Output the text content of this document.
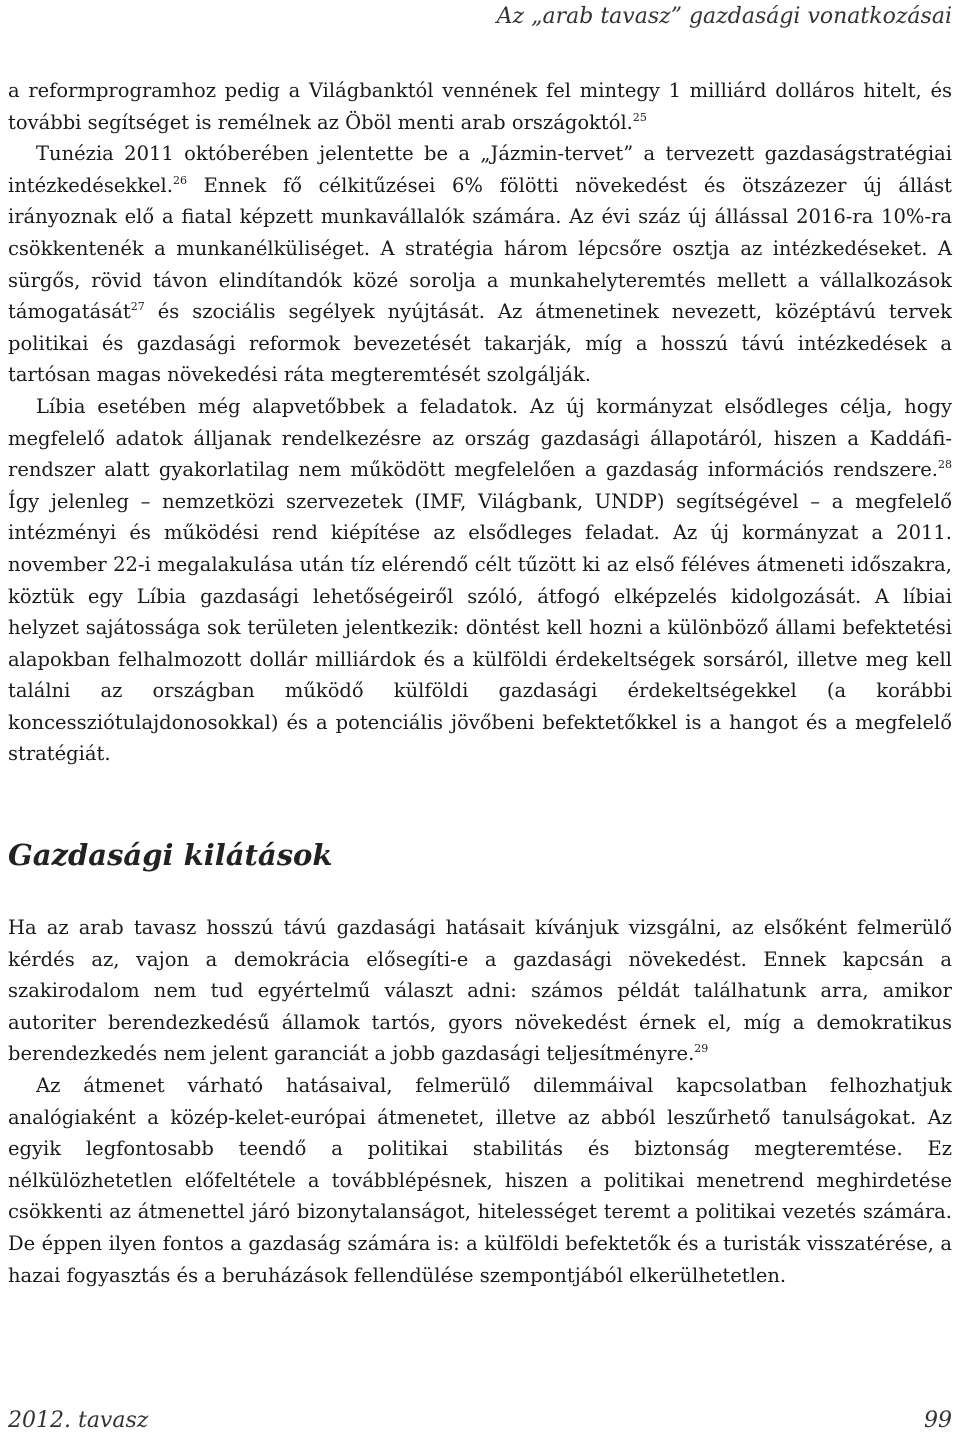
Az „arab tavasz” gazdasági vonatkozásai

a reformprogramhoz pedig a Világbanktól vennének fel mintegy 1 milliárd dolláros hitelt, és további segítséget is remélnek az Öböl menti arab országoktól.$^{25}$

Tunézia 2011 októberében jelentette be a „Jázmin-tervet” a tervezett gazdaságstratégiai intézkedésekkel.$^{26}$ Ennek fő célkitűzései 6% fölötti növekedést és ötszázezer új állást irányoznak elő a fiatal képzett munkavállalók számára. Az évi száz új állással 2016-ra 10%-ra csökkentenék a munkanélküliséget. A stratégia három lépcsőre osztja az intézkedéseket. A sürgős, rövid távon elindítandók közé sorolja a munkahelyteremtés mellett a vállalkozások támogatását$^{27}$ és szociális segélyek nyújtását. Az átmenetinek nevezett, középtávú tervek politikai és gazdasági reformok bevezetését takarják, míg a hosszú távú intézkedések a tartósan magas növekedési ráta megteremtését szolgálják.

Líbia esetében még alapvetőbbek a feladatok. Az új kormányzat elsődleges célja, hogy megfelelő adatok álljanak rendelkezésre az ország gazdasági állapotáról, hiszen a Kaddáfi-rendszer alatt gyakorlatilag nem működött megfelelően a gazdaság információs rendszere.$^{28}$ Így jelenleg – nemzetközi szervezetek (IMF, Világbank, UNDP) segítségével – a megfelelő intézményi és működési rend kiépítése az elsődleges feladat. Az új kormányzat a 2011. november 22-i megalakulása után tíz elérendő célt tűzött ki az első féléves átmeneti időszakra, köztük egy Líbia gazdasági lehetőségeiről szóló, átfogó elképzelés kidolgozását. A líbiai helyzet sajátossága sok területen jelentkezik: döntést kell hozni a különböző állami befektetési alapokban felhalmozott dollár milliárdok és a külföldi érdekeltségek sorsáról, illetve meg kell találni az országban működő külföldi gazdasági érdekeltségekkel (a korábbi koncessziótulajdonosokkal) és a potenciális jövőbeni befektetőkkel is a hangot és a megfelelő stratégiát.

Gazdasági kilátások

Ha az arab tavasz hosszú távú gazdasági hatásait kívánjuk vizsgálni, az elsőként felmerülő kérdés az, vajon a demokrácia elősegíti-e a gazdasági növekedést. Ennek kapcsán a szakirodalom nem tud egyértelmű választ adni: számos példát találhatunk arra, amikor autoriter berendezkedésű államok tartós, gyors növekedést érnek el, míg a demokratikus berendezkedés nem jelent garanciát a jobb gazdasági teljesítményre.$^{29}$

Az átmenet várható hatásaival, felmerülő dilemmáival kapcsolatban felhozhatjuk analógiaként a közép-kelet-európai átmenetet, illetve az abból leszűrhető tanulságokat. Az egyik legfontosabb teendő a politikai stabilitás és biztonság megteremtése. Ez nélkülözhetetlen előfeltétele a továbblépésnek, hiszen a politikai menetrend meghirdetése csökkenti az átmenettel járó bizonytalanságot, hitelességet teremt a politikai vezetés számára. De éppen ilyen fontos a gazdaság számára is: a külföldi befektetők és a turisták visszatérése, a hazai fogyasztás és a beruházások fellendülése szempontjából elkerülhetetlen.

2012. tavasz	99
